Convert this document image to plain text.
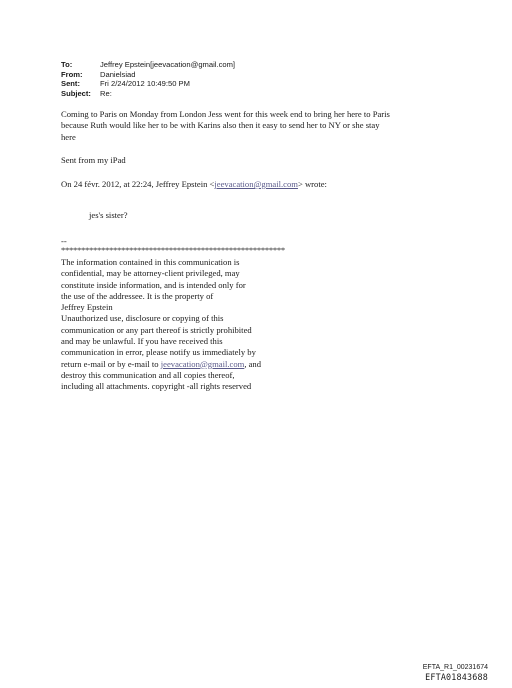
To:	Jeffrey Epstein[jeevacation@gmail.com]
From:	Danielsiad
Sent:	Fri 2/24/2012 10:49:50 PM
Subject:	Re:
Coming to Paris on Monday from London Jess went for this week end to bring her here to Paris
because Ruth would like her to be with Karins also then it easy to send her to NY or she stay
here
Sent from my iPad
On 24 févr. 2012, at 22:24, Jeffrey Epstein <jeevacation@gmail.com> wrote:
jes's sister?
--
********************************************************
The information contained in this communication is
confidential, may be attorney-client privileged, may
constitute inside information, and is intended only for
the use of the addressee. It is the property of
Jeffrey Epstein
Unauthorized use, disclosure or copying of this
communication or any part thereof is strictly prohibited
and may be unlawful. If you have received this
communication in error, please notify us immediately by
return e-mail or by e-mail to jeevacation@gmail.com, and
destroy this communication and all copies thereof,
including all attachments. copyright -all rights reserved
EFTA_R1_00231674
EFTA01843688
